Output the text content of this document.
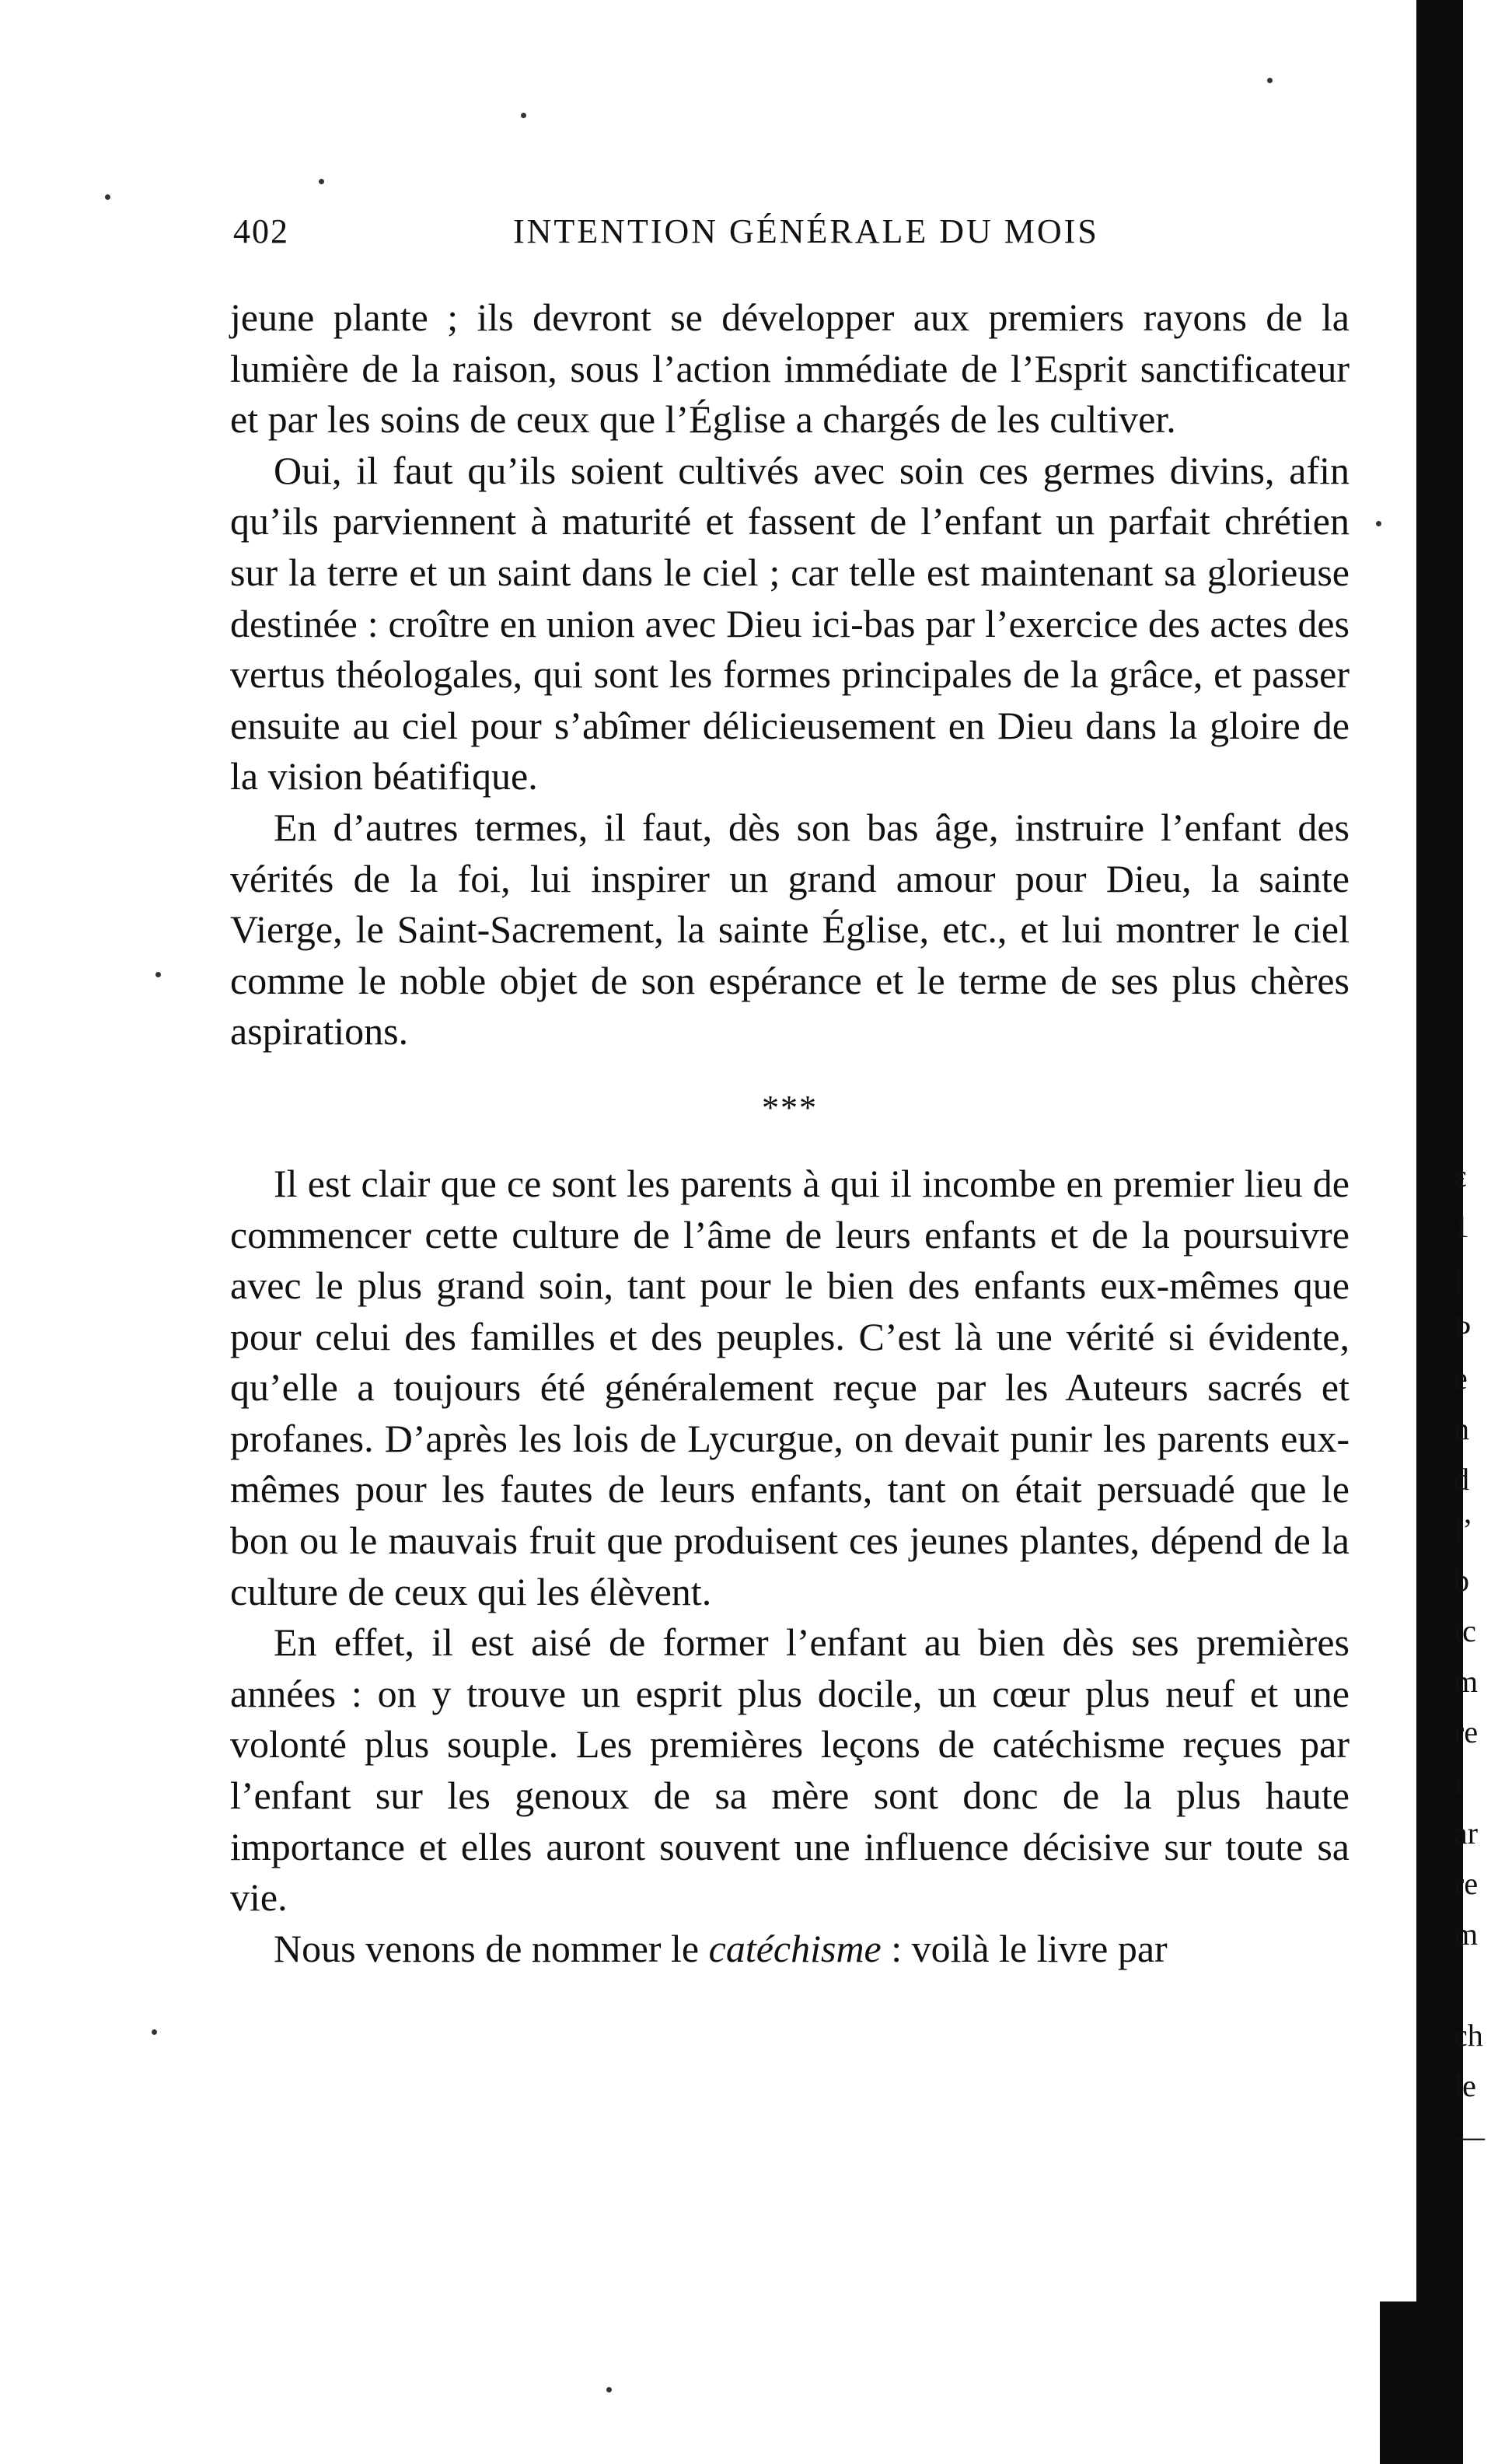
402	INTENTION GÉNÉRALE DU MOIS

jeune plante ; ils devront se développer aux premiers rayons de la lumière de la raison, sous l’action immédiate de l’Esprit sanctificateur et par les soins de ceux que l’Église a chargés de les cultiver.

Oui, il faut qu’ils soient cultivés avec soin ces germes divins, afin qu’ils parviennent à maturité et fassent de l’enfant un parfait chrétien sur la terre et un saint dans le ciel ; car telle est maintenant sa glorieuse destinée : croître en union avec Dieu ici-bas par l’exercice des actes des vertus théologales, qui sont les formes principales de la grâce, et passer ensuite au ciel pour s’abîmer délicieusement en Dieu dans la gloire de la vision béatifique.

En d’autres termes, il faut, dès son bas âge, instruire l’enfant des vérités de la foi, lui inspirer un grand amour pour Dieu, la sainte Vierge, le Saint-Sacrement, la sainte Église, etc., et lui montrer le ciel comme le noble objet de son espérance et le terme de ses plus chères aspirations.

***

Il est clair que ce sont les parents à qui il incombe en premier lieu de commencer cette culture de l’âme de leurs enfants et de la poursuivre avec le plus grand soin, tant pour le bien des enfants eux-mêmes que pour celui des familles et des peuples. C’est là une vérité si évidente, qu’elle a toujours été généralement reçue par les Auteurs sacrés et profanes. D’après les lois de Lycurgue, on devait punir les parents eux-mêmes pour les fautes de leurs enfants, tant on était persuadé que le bon ou le mauvais fruit que produisent ces jeunes plantes, dépend de la culture de ceux qui les élèvent.

En effet, il est aisé de former l’enfant au bien dès ses premières années : on y trouve un esprit plus docile, un cœur plus neuf et une volonté plus souple. Les premières leçons de catéchisme reçues par l’enfant sur les genoux de sa mère sont donc de la plus haute importance et elles auront souvent une influence décisive sur toute sa vie.

Nous venons de nommer le catéchisme : voilà le livre par

ε
1
ϳ
Ϸ
e
n
d
l’
b
tc
m
re
ı
ar
re
m

ch
le
—
